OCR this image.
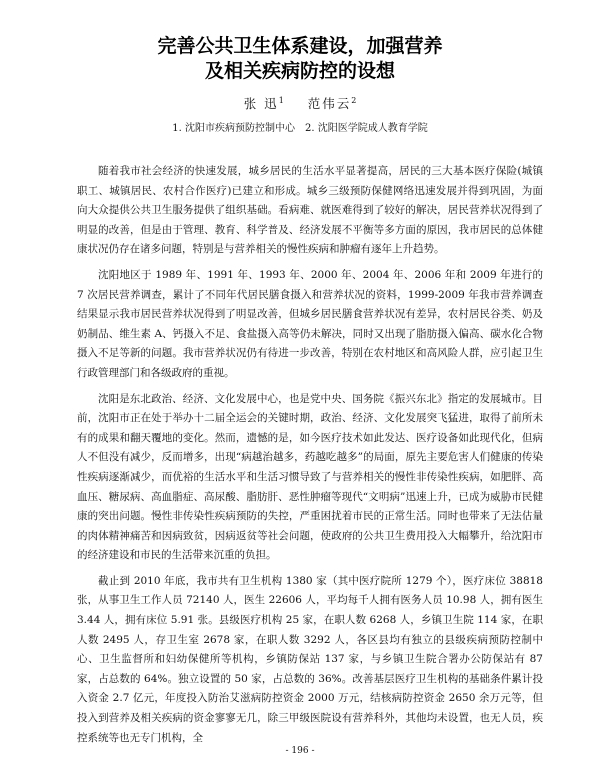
完善公共卫生体系建设，加强营养
及相关疾病防控的设想
张 迅$^1$ 范伟云$^2$
1. 沈阳市疾病预防控制中心　2. 沈阳医学院成人教育学院

随着我市社会经济的快速发展，城乡居民的生活水平显著提高，居民的三大基本医疗保险(城镇职工、城镇居民、农村合作医疗)已建立和形成。城乡三级预防保健网络迅速发展并得到巩固，为面向大众提供公共卫生服务提供了组织基础。看病难、就医难得到了较好的解决，居民营养状况得到了明显的改善，但是由于管理、教育、科学普及、经济发展不平衡等多方面的原因，我市居民的总体健康状况仍存在诸多问题，特别是与营养相关的慢性疾病和肿瘤有逐年上升趋势。

沈阳地区于 1989 年、1991 年、1993 年、2000 年、2004 年、2006 年和 2009 年进行的 7 次居民营养调查，累计了不同年代居民膳食摄入和营养状况的资料，1999-2009 年我市营养调查结果显示我市居民营养状况得到了明显改善，但城乡居民膳食营养状况有差异，农村居民谷类、奶及奶制品、维生素 A、钙摄入不足、食盐摄入高等仍未解决，同时又出现了脂肪摄入偏高、碳水化合物摄入不足等新的问题。我市营养状况仍有待进一步改善，特别在农村地区和高风险人群，应引起卫生行政管理部门和各级政府的重视。

沈阳是东北政治、经济、文化发展中心，也是党中央、国务院《振兴东北》指定的发展城市。目前，沈阳市正在处于举办十二届全运会的关键时期，政治、经济、文化发展突飞猛进，取得了前所未有的成果和翻天覆地的变化。然而，遗憾的是，如今医疗技术如此发达、医疗设备如此现代化，但病人不但没有减少，反而增多，出现“病越治越多，药越吃越多”的局面，原先主要危害人们健康的传染性疾病逐渐减少，而优裕的生活水平和生活习惯导致了与营养相关的慢性非传染性疾病，如肥胖、高血压、糖尿病、高血脂症、高尿酸、脂肪肝、恶性肿瘤等现代“文明病”迅速上升，已成为威胁市民健康的突出问题。慢性非传染性疾病预防的失控，严重困扰着市民的正常生活。同时也带来了无法估量的肉体精神痛苦和因病致贫，因病返贫等社会问题，使政府的公共卫生费用投入大幅攀升，给沈阳市的经济建设和市民的生活带来沉重的负担。

截止到 2010 年底，我市共有卫生机构 1380 家（其中医疗院所 1279 个），医疗床位 38818 张，从事卫生工作人员 72140 人，医生 22606 人，平均每千人拥有医务人员 10.98 人，拥有医生 3.44 人，拥有床位 5.91 张。县级医疗机构 25 家，在职人数 6268 人，乡镇卫生院 114 家，在职人数 2495 人，存卫生室 2678 家，在职人数 3292 人，各区县均有独立的县级疾病预防控制中心、卫生监督所和妇幼保健所等机构，乡镇防保站 137 家，与乡镇卫生院合署办公防保站有 87 家，占总数的 64%。独立设置的 50 家，占总数的 36%。改善基层医疗卫生机构的基础条件累计投入资金 2.7 亿元，年度投入防治艾滋病防控资金 2000 万元，结核病防控资金 2650 余万元等，但投入到营养及相关疾病的资金寥寥无几，除三甲级医院设有营养科外，其他均未设置，也无人员，疾控系统等也无专门机构，全

- 196 -
